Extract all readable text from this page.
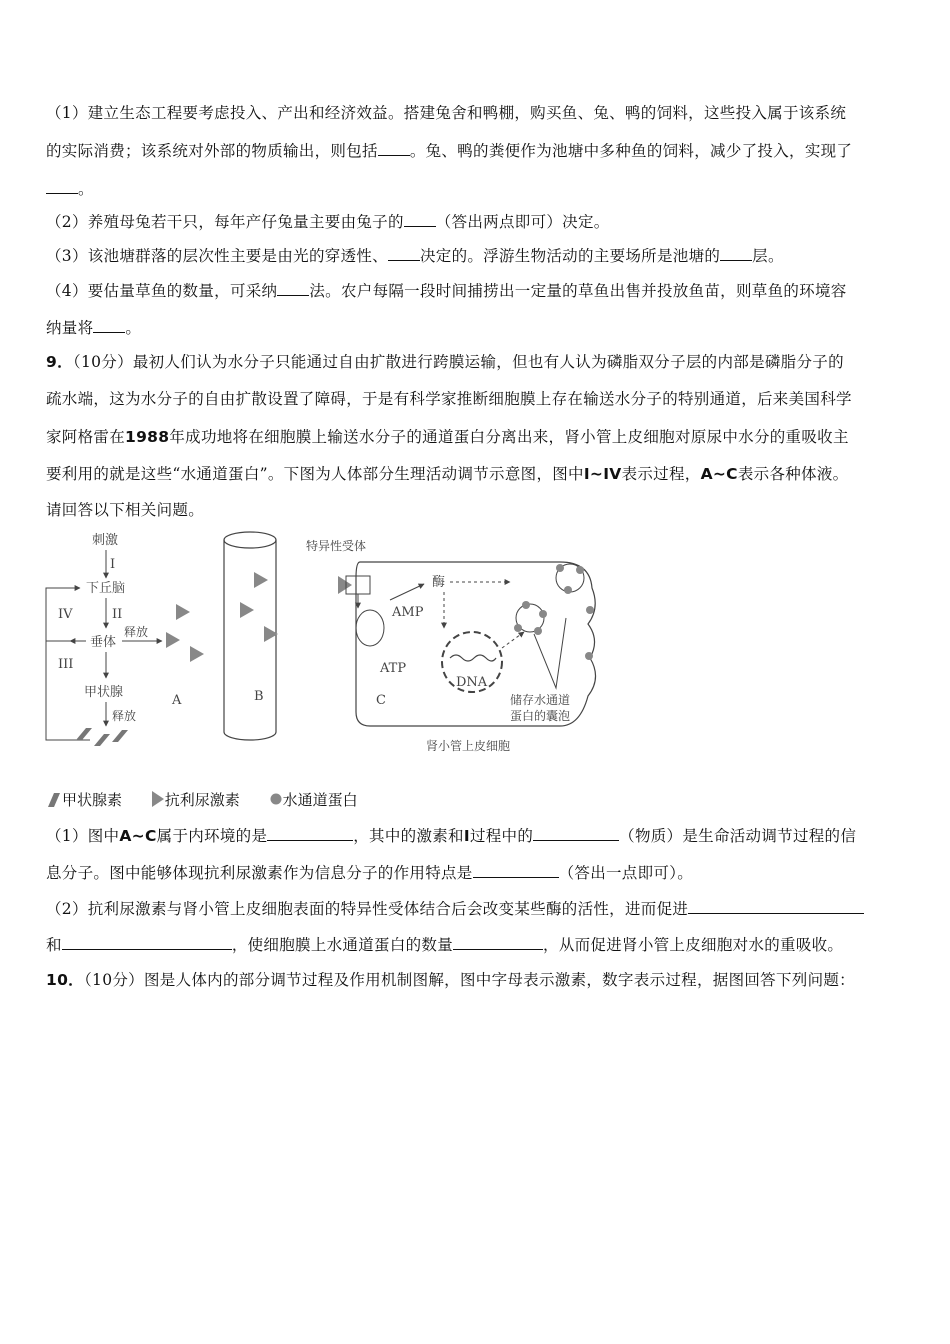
（1）建立生态工程要考虑投入、产出和经济效益。搭建兔舍和鸭棚，购买鱼、兔、鸭的饲料，这些投入属于该系统
的实际消费；该系统对外部的物质输出，则包括 。兔、鸭的粪便作为池塘中多种鱼的饲料，减少了投入，实现了
。
（2）养殖母兔若干只，每年产仔兔量主要由兔子的 （答出两点即可）决定。
（3）该池塘群落的层次性主要是由光的穿透性、 决定的。浮游生物活动的主要场所是池塘的 层。
（4）要估量草鱼的数量，可采纳 法。农户每隔一段时间捕捞出一定量的草鱼出售并投放鱼苗，则草鱼的环境容
纳量将 。
9．（10分）最初人们认为水分子只能通过自由扩散进行跨膜运输，但也有人认为磷脂双分子层的内部是磷脂分子的
疏水端，这为水分子的自由扩散设置了障碍，于是有科学家推断细胞膜上存在输送水分子的特别通道，后来美国科学
家阿格雷在1988年成功地将在细胞膜上输送水分子的通道蛋白分离出来，肾小管上皮细胞对原尿中水分的重吸收主
要利用的就是这些“水通道蛋白”。下图为人体部分生理活动调节示意图，图中I~IV表示过程，A~C表示各种体液。
请回答以下相关问题。
刺激
I
下丘脑
II
垂体
释放
甲状腺
释放
IV
III
A	B
特异性受体
AMP
ATP
C
酶
DNA
储存水通道
蛋白的囊泡
肾小管上皮细胞
甲状腺素	抗利尿激素	水通道蛋白
（1）图中A~C属于内环境的是	，其中的激素和I过程中的	（物质）是生命活动调节过程的信
息分子。图中能够体现抗利尿激素作为信息分子的作用特点是	（答出一点即可）。
（2）抗利尿激素与肾小管上皮细胞表面的特异性受体结合后会改变某些酶的活性，进而促进
和	，使细胞膜上水通道蛋白的数量	，从而促进肾小管上皮细胞对水的重吸收。
10．（10分）图是人体内的部分调节过程及作用机制图解，图中字母表示激素，数字表示过程，据图回答下列问题：
